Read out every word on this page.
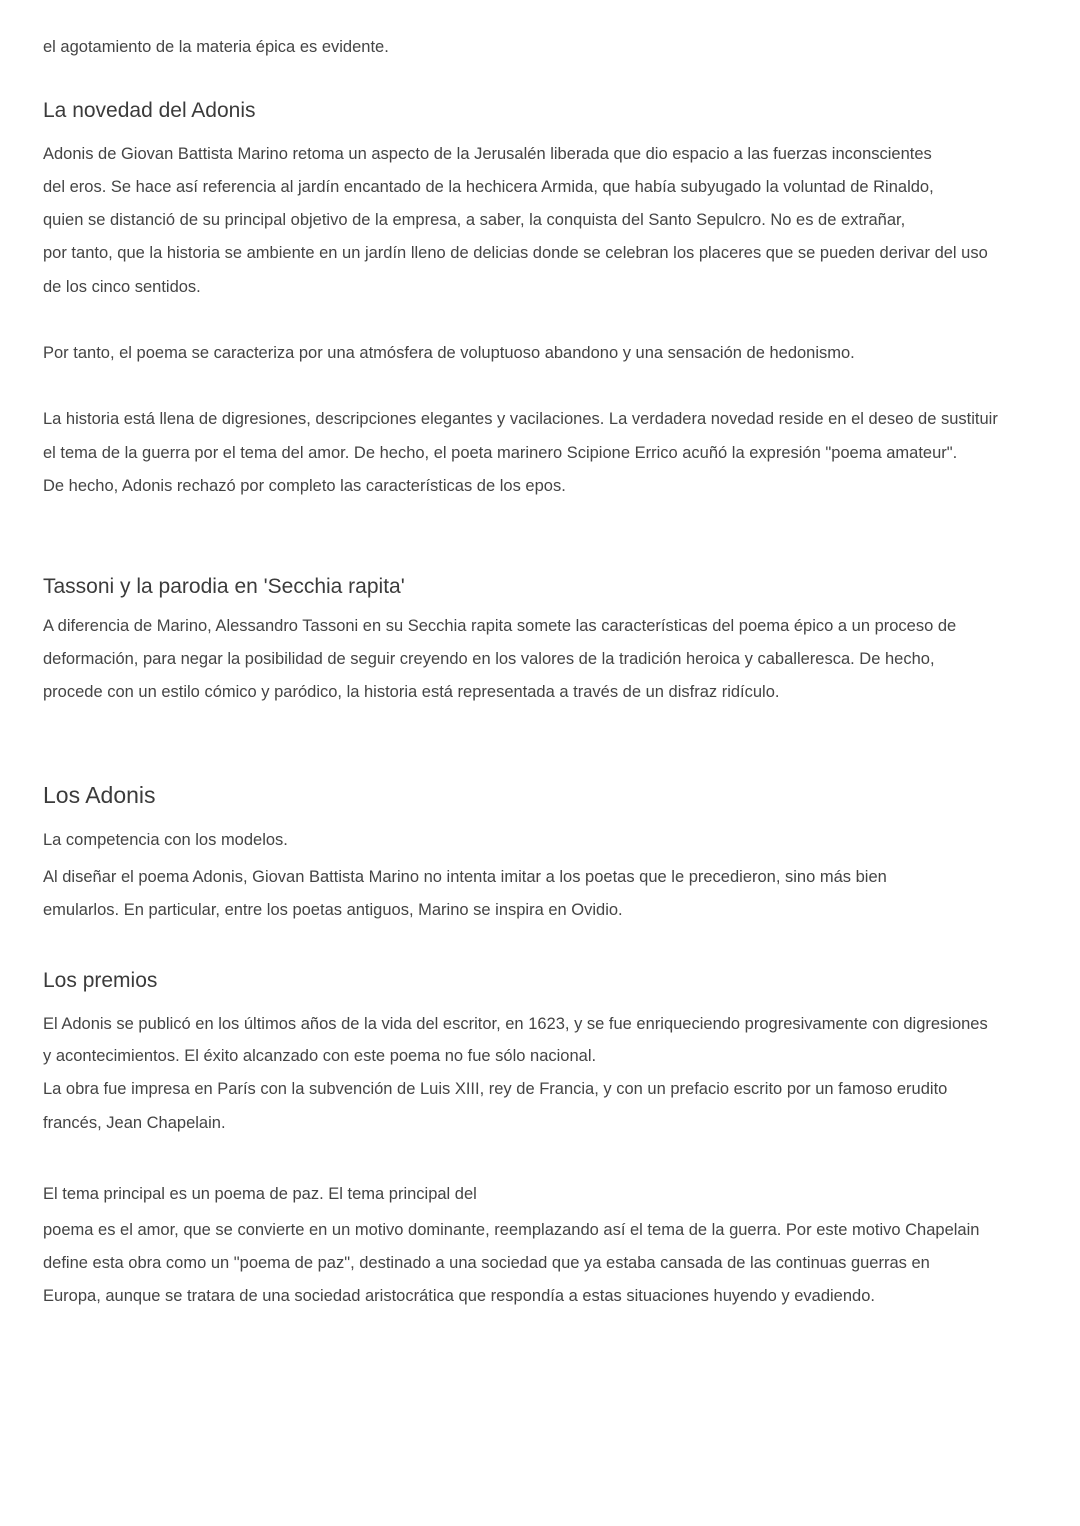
el agotamiento de la materia épica es evidente.
La novedad del Adonis
Adonis de Giovan Battista Marino retoma un aspecto de la Jerusalén liberada que dio espacio a las fuerzas inconscientes
del eros. Se hace así referencia al jardín encantado de la hechicera Armida, que había subyugado la voluntad de Rinaldo,
quien se distanció de su principal objetivo de la empresa, a saber, la conquista del Santo Sepulcro. No es de extrañar,
por tanto, que la historia se ambiente en un jardín lleno de delicias donde se celebran los placeres que se pueden derivar del uso
de los cinco sentidos.
Por tanto, el poema se caracteriza por una atmósfera de voluptuoso abandono y una sensación de hedonismo.
La historia está llena de digresiones, descripciones elegantes y vacilaciones. La verdadera novedad reside en el deseo de sustituir
el tema de la guerra por el tema del amor. De hecho, el poeta marinero Scipione Errico acuñó la expresión "poema amateur".
De hecho, Adonis rechazó por completo las características de los epos.
Tassoni y la parodia en 'Secchia rapita'
A diferencia de Marino, Alessandro Tassoni en su Secchia rapita somete las características del poema épico a un proceso de
deformación, para negar la posibilidad de seguir creyendo en los valores de la tradición heroica y caballeresca. De hecho,
procede con un estilo cómico y paródico, la historia está representada a través de un disfraz ridículo.
Los Adonis
La competencia con los modelos.
Al diseñar el poema Adonis, Giovan Battista Marino no intenta imitar a los poetas que le precedieron, sino más bien
emularlos. En particular, entre los poetas antiguos, Marino se inspira en Ovidio.
Los premios
El Adonis se publicó en los últimos años de la vida del escritor, en 1623, y se fue enriqueciendo progresivamente con digresiones
y acontecimientos. El éxito alcanzado con este poema no fue sólo nacional.
La obra fue impresa en París con la subvención de Luis XIII, rey de Francia, y con un prefacio escrito por un famoso erudito
francés, Jean Chapelain.
El tema principal es un poema de paz. El tema principal del
poema es el amor, que se convierte en un motivo dominante, reemplazando así el tema de la guerra. Por este motivo Chapelain
define esta obra como un "poema de paz", destinado a una sociedad que ya estaba cansada de las continuas guerras en
Europa, aunque se tratara de una sociedad aristocrática que respondía a estas situaciones huyendo y evadiendo.
